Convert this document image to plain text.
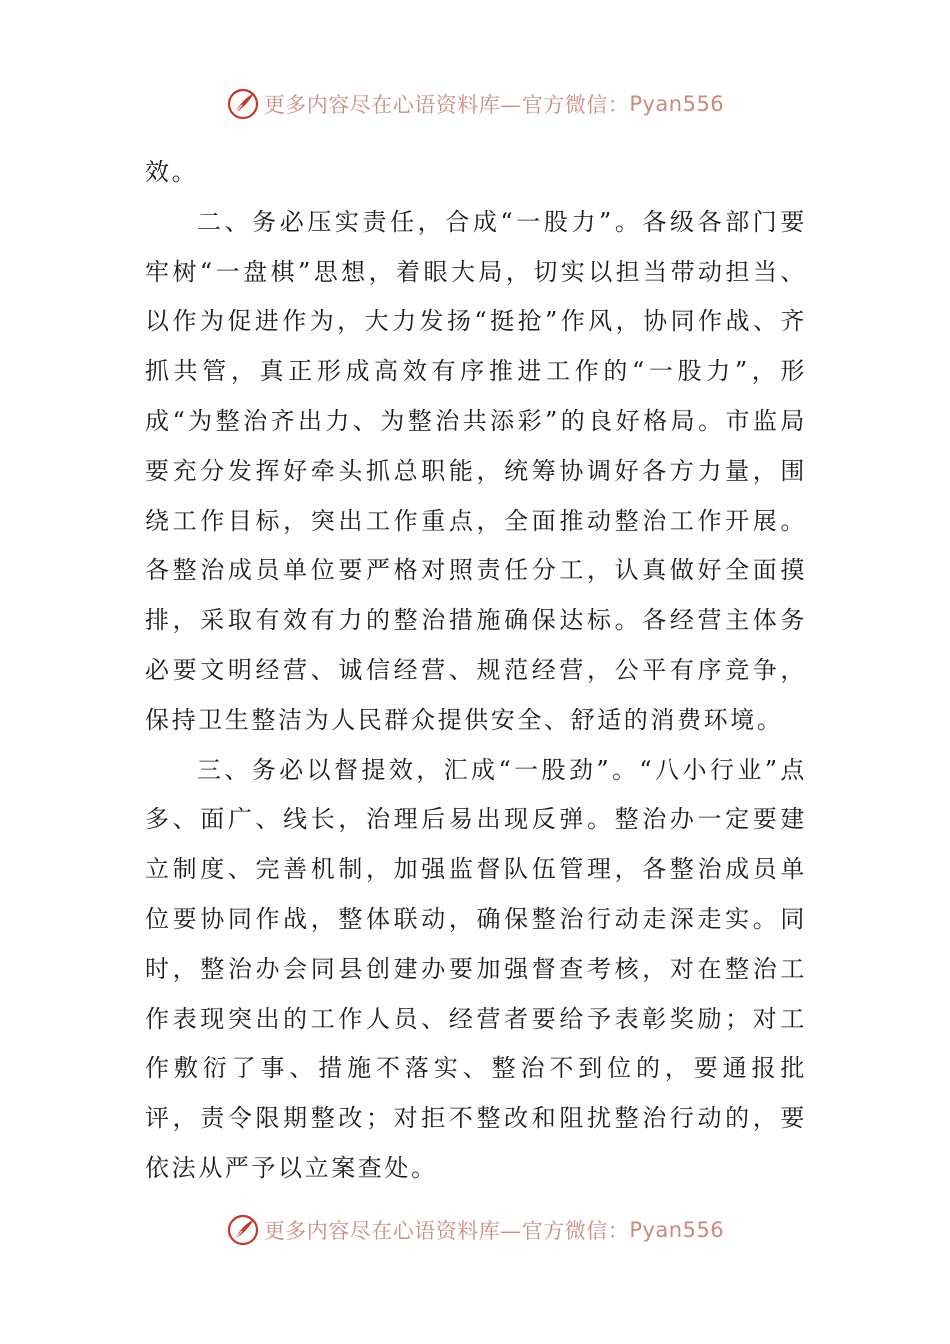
更多内容尽在心语资料库— 官方微信： Pyan556

效。

二、务必压实责任，合成“一股力”。各级各部门要牢树“一盘棋”思想，着眼大局，切实以担当带动担当、以作为促进作为，大力发扬“挺抢”作风，协同作战、齐抓共管，真正形成高效有序推进工作的“一股力”，形成“为整治齐出力、为整治共添彩”的良好格局。市监局要充分发挥好牵头抓总职能，统筹协调好各方力量，围绕工作目标，突出工作重点，全面推动整治工作开展。各整治成员单位要严格对照责任分工，认真做好全面摸排，采取有效有力的整治措施确保达标。各经营主体务必要文明经营、诚信经营、规范经营，公平有序竞争，保持卫生整洁为人民群众提供安全、舒适的消费环境。

三、务必以督提效，汇成“一股劲”。“八小行业”点多、面广、线长，治理后易出现反弹。整治办一定要建立制度、完善机制，加强监督队伍管理，各整治成员单位要协同作战，整体联动，确保整治行动走深走实。同时，整治办会同县创建办要加强督查考核，对在整治工作表现突出的工作人员、经营者要给予表彰奖励；对工作敷衍了事、措施不落实、整治不到位的，要通报批评，责令限期整改；对拒不整改和阻扰整治行动的，要依法从严予以立案查处。

更多内容尽在心语资料库— 官方微信： Pyan556
